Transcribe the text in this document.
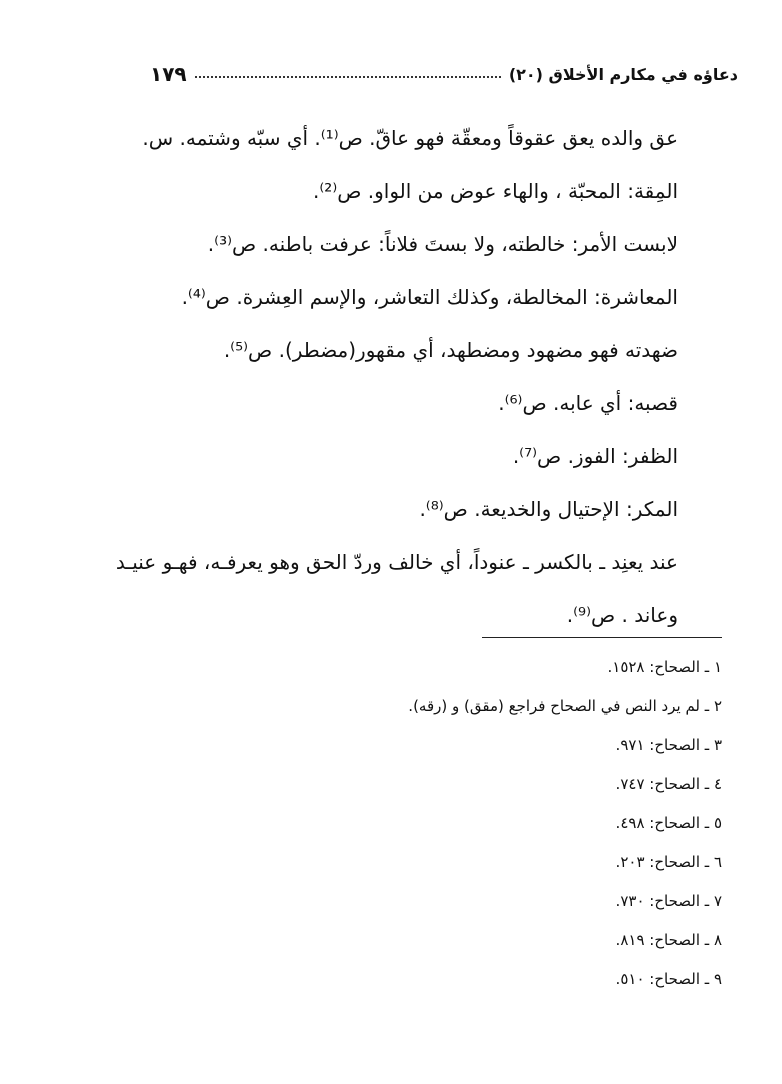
دعاؤه في مكارم الأخلاق (٢٠)
١٧٩
عق والده يعق عقوقاً ومعقّة فهو عاقّ. ص⁽¹⁾. أي سبّه وشتمه. س.
المِقة: المحبّة ، والهاء عوض من الواو. ص⁽²⁾.
لابست الأمر: خالطته، ولا بستَ فلاناً: عرفت باطنه. ص⁽³⁾.
المعاشرة: المخالطة، وكذلك التعاشر، والإسم العِشرة. ص⁽⁴⁾.
ضهدته فهو مضهود ومضطهد، أي مقهور(مضطر). ص⁽⁵⁾.
قصبه: أي عابه. ص⁽⁶⁾.
الظفر: الفوز. ص⁽⁷⁾.
المكر: الإحتيال والخديعة. ص⁽⁸⁾.
عند يعنِد ـ بالكسر ـ عنوداً، أي خالف وردّ الحق وهو يعرفـه، فهـو عنيـد
وعاند . ص⁽⁹⁾.
١ ـ الصحاح: ١٥٢٨.
٢ ـ لم يرد النص في الصحاح فراجع (مقق) و (رقه).
٣ ـ الصحاح: ٩٧١.
٤ ـ الصحاح: ٧٤٧.
٥ ـ الصحاح: ٤٩٨.
٦ ـ الصحاح: ٢٠٣.
٧ ـ الصحاح: ٧٣٠.
٨ ـ الصحاح: ٨١٩.
٩ ـ الصحاح: ٥١٠.
